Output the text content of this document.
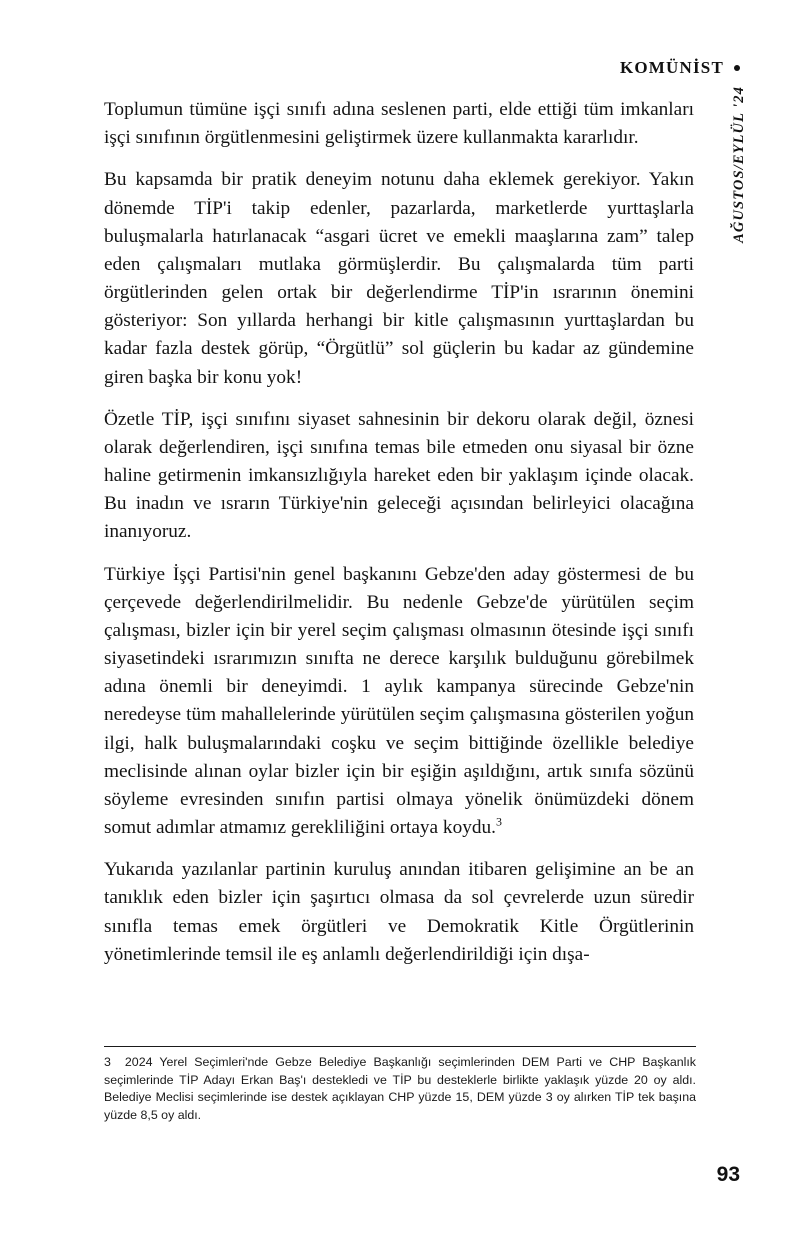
KOMÜNİST
AĞUSTOS/EYLÜL '24

Toplumun tümüne işçi sınıfı adına seslenen parti, elde ettiği tüm imkanları işçi sınıfının örgütlenmesini geliştirmek üzere kullanmakta kararlıdır.

Bu kapsamda bir pratik deneyim notunu daha eklemek gerekiyor. Yakın dönemde TİP'i takip edenler, pazarlarda, marketlerde yurttaşlarla buluşmalarla hatırlanacak “asgari ücret ve emekli maaşlarına zam” talep eden çalışmaları mutlaka görmüşlerdir. Bu çalışmalarda tüm parti örgütlerinden gelen ortak bir değerlendirme TİP'in ısrarının önemini gösteriyor: Son yıllarda herhangi bir kitle çalışmasının yurttaşlardan bu kadar fazla destek görüp, “Örgütlü” sol güçlerin bu kadar az gündemine giren başka bir konu yok!

Özetle TİP, işçi sınıfını siyaset sahnesinin bir dekoru olarak değil, öznesi olarak değerlendiren, işçi sınıfına temas bile etmeden onu siyasal bir özne haline getirmenin imkansızlığıyla hareket eden bir yaklaşım içinde olacak. Bu inadın ve ısrarın Türkiye'nin geleceği açısından belirleyici olacağına inanıyoruz.

Türkiye İşçi Partisi'nin genel başkanını Gebze'den aday göstermesi de bu çerçevede değerlendirilmelidir. Bu nedenle Gebze'de yürütülen seçim çalışması, bizler için bir yerel seçim çalışması olmasının ötesinde işçi sınıfı siyasetindeki ısrarımızın sınıfta ne derece karşılık bulduğunu görebilmek adına önemli bir deneyimdi. 1 aylık kampanya sürecinde Gebze'nin neredeyse tüm mahallelerinde yürütülen seçim çalışmasına gösterilen yoğun ilgi, halk buluşmalarındaki coşku ve seçim bittiğinde özellikle belediye meclisinde alınan oylar bizler için bir eşiğin aşıldığını, artık sınıfa sözünü söyleme evresinden sınıfın partisi olmaya yönelik önümüzdeki dönem somut adımlar atmamız gerekliliğini ortaya koydu.$^3$

Yukarıda yazılanlar partinin kuruluş anından itibaren gelişimine an be an tanıklık eden bizler için şaşırtıcı olmasa da sol çevrelerde uzun süredir sınıfla temas emek örgütleri ve Demokratik Kitle Örgütlerinin yönetimlerinde temsil ile eş anlamlı değerlendirildiği için dışa-

3 2024 Yerel Seçimleri'nde Gebze Belediye Başkanlığı seçimlerinden DEM Parti ve CHP Başkanlık seçimlerinde TİP Adayı Erkan Baş'ı destekledi ve TİP bu desteklerle birlikte yaklaşık yüzde 20 oy aldı. Belediye Meclisi seçimlerinde ise destek açıklayan CHP yüzde 15, DEM yüzde 3 oy alırken TİP tek başına yüzde 8,5 oy aldı.

93
